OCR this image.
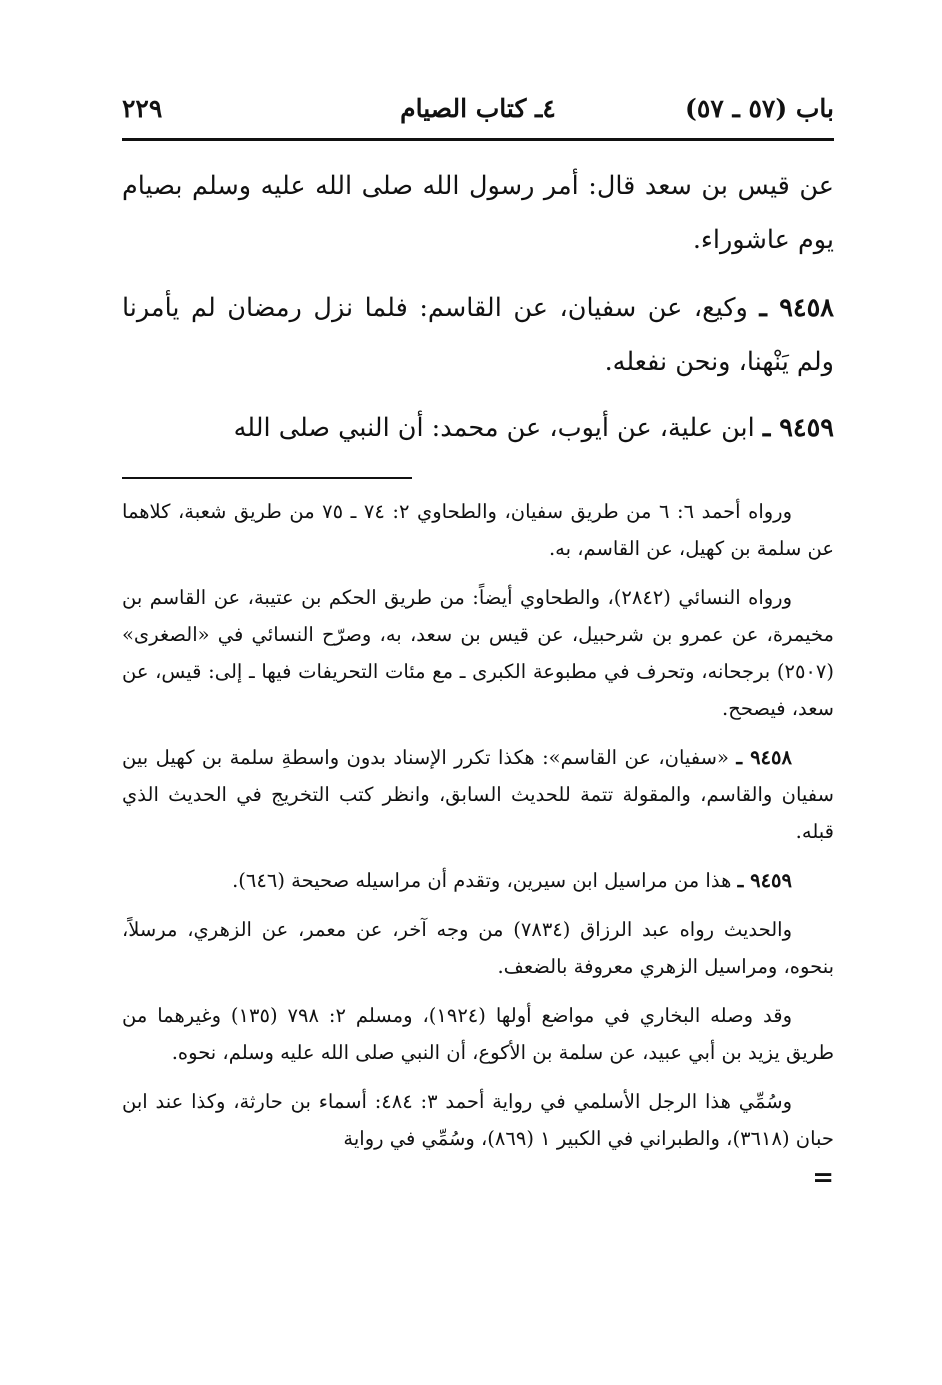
باب (٥٧ ـ ٥٧)
٤ـ كتاب الصيام
٢٢٩

عن قيس بن سعد قال: أمر رسول الله صلى الله عليه وسلم بصيام يوم عاشوراء.

٩٤٥٨ ـ وكيع، عن سفيان، عن القاسم: فلما نزل رمضان لم يأمرنا ولم يَنْهنا، ونحن نفعله.

٩٤٥٩ ـ ابن علية، عن أيوب، عن محمد: أن النبي صلى الله

ورواه أحمد ٦: ٦ من طريق سفيان، والطحاوي ٢: ٧٤ ـ ٧٥ من طريق شعبة، كلاهما عن سلمة بن كهيل، عن القاسم، به.

ورواه النسائي (٢٨٤٢)، والطحاوي أيضاً: من طريق الحكم بن عتيبة، عن القاسم بن مخيمرة، عن عمرو بن شرحبيل، عن قيس بن سعد، به، وصرّح النسائي في «الصغرى» (٢٥٠٧) برجحانه، وتحرف في مطبوعة الكبرى ـ مع مئات التحريفات فيها ـ إلى: قيس، عن سعد، فيصحح.

٩٤٥٨ ـ «سفيان، عن القاسم»: هكذا تكرر الإسناد بدون واسطةِ سلمة بن كهيل بين سفيان والقاسم، والمقولة تتمة للحديث السابق، وانظر كتب التخريج في الحديث الذي قبله.

٩٤٥٩ ـ هذا من مراسيل ابن سيرين، وتقدم أن مراسيله صحيحة (٦٤٦).

والحديث رواه عبد الرزاق (٧٨٣٤) من وجه آخر، عن معمر، عن الزهري، مرسلاً، بنحوه، ومراسيل الزهري معروفة بالضعف.

وقد وصله البخاري في مواضع أولها (١٩٢٤)، ومسلم ٢: ٧٩٨ (١٣٥) وغيرهما من طريق يزيد بن أبي عبيد، عن سلمة بن الأكوع، أن النبي صلى الله عليه وسلم، نحوه.

وسُمِّي هذا الرجل الأسلمي في رواية أحمد ٣: ٤٨٤: أسماء بن حارثة، وكذا عند ابن حبان (٣٦١٨)، والطبراني في الكبير ١ (٨٦٩)، وسُمِّي في رواية

=
